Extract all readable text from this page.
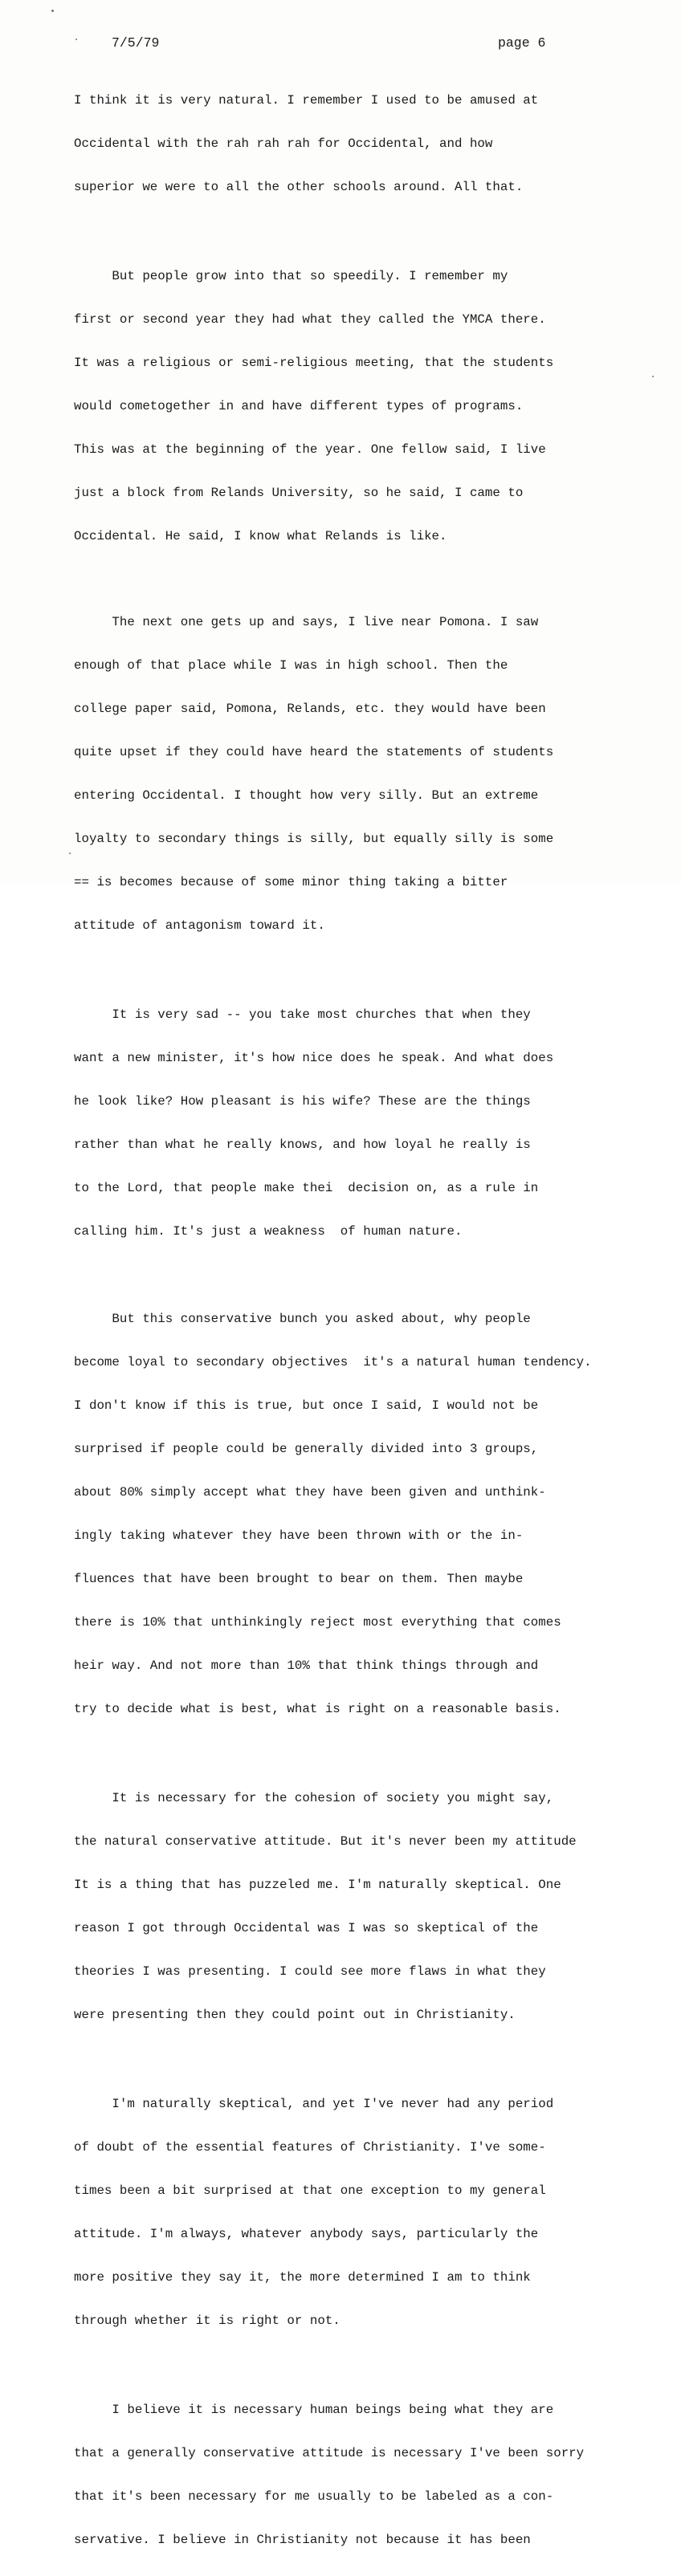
7/5/79	page 6

I think it is very natural. I remember I used to be amused at

Occidental with the rah rah rah for Occidental, and how

superior we were to all the other schools around. All that.

But people grow into that so speedily. I remember my

first or second year they had what they called the YMCA there.

It was a religious or semi-religious meeting, that the students

would cometogether in and have different types of programs.

This was at the beginning of the year. One fellow said, I live

just a block from Relands University, so he said, I came to

Occidental. He said, I know what Relands is like.

The next one gets up and says, I live near Pomona. I saw

enough of that place while I was in high school. Then the

college paper said, Pomona, Relands, etc. they would have been

quite upset if they could have heard the statements of students

entering Occidental. I thought how very silly. But an extreme

loyalty to secondary things is silly, but equally silly is some

== is becomes because of some minor thing taking a bitter

attitude of antagonism toward it.

It is very sad -- you take most churches that when they

want a new minister, it's how nice does he speak. And what does

he look like? How pleasant is his wife? These are the things

rather than what he really knows, and how loyal he really is

to the Lord, that people make thei  decision on, as a rule in

calling him. It's just a weakness  of human nature.

But this conservative bunch you asked about, why people

become loyal to secondary objectives  it's a natural human tendency.

I don't know if this is true, but once I said, I would not be

surprised if people could be generally divided into 3 groups,

about 80% simply accept what they have been given and unthink-

ingly taking whatever they have been thrown with or the in-

fluences that have been brought to bear on them. Then maybe

there is 10% that unthinkingly reject most everything that comes

heir way. And not more than 10% that think things through and

try to decide what is best, what is right on a reasonable basis.

It is necessary for the cohesion of society you might say,

the natural conservative attitude. But it's never been my attitude

It is a thing that has puzzeled me. I'm naturally skeptical. One

reason I got through Occidental was I was so skeptical of the

theories I was presenting. I could see more flaws in what they

were presenting then they could point out in Christianity.

I'm naturally skeptical, and yet I've never had any period

of doubt of the essential features of Christianity. I've some-

times been a bit surprised at that one exception to my general

attitude. I'm always, whatever anybody says, particularly the

more positive they say it, the more determined I am to think

through whether it is right or not.

I believe it is necessary human beings being what they are

that a generally conservative attitude is necessary I've been sorry

that it's been necessary for me usually to be labeled as a con-

servative. I believe in Christianity not because it has been
